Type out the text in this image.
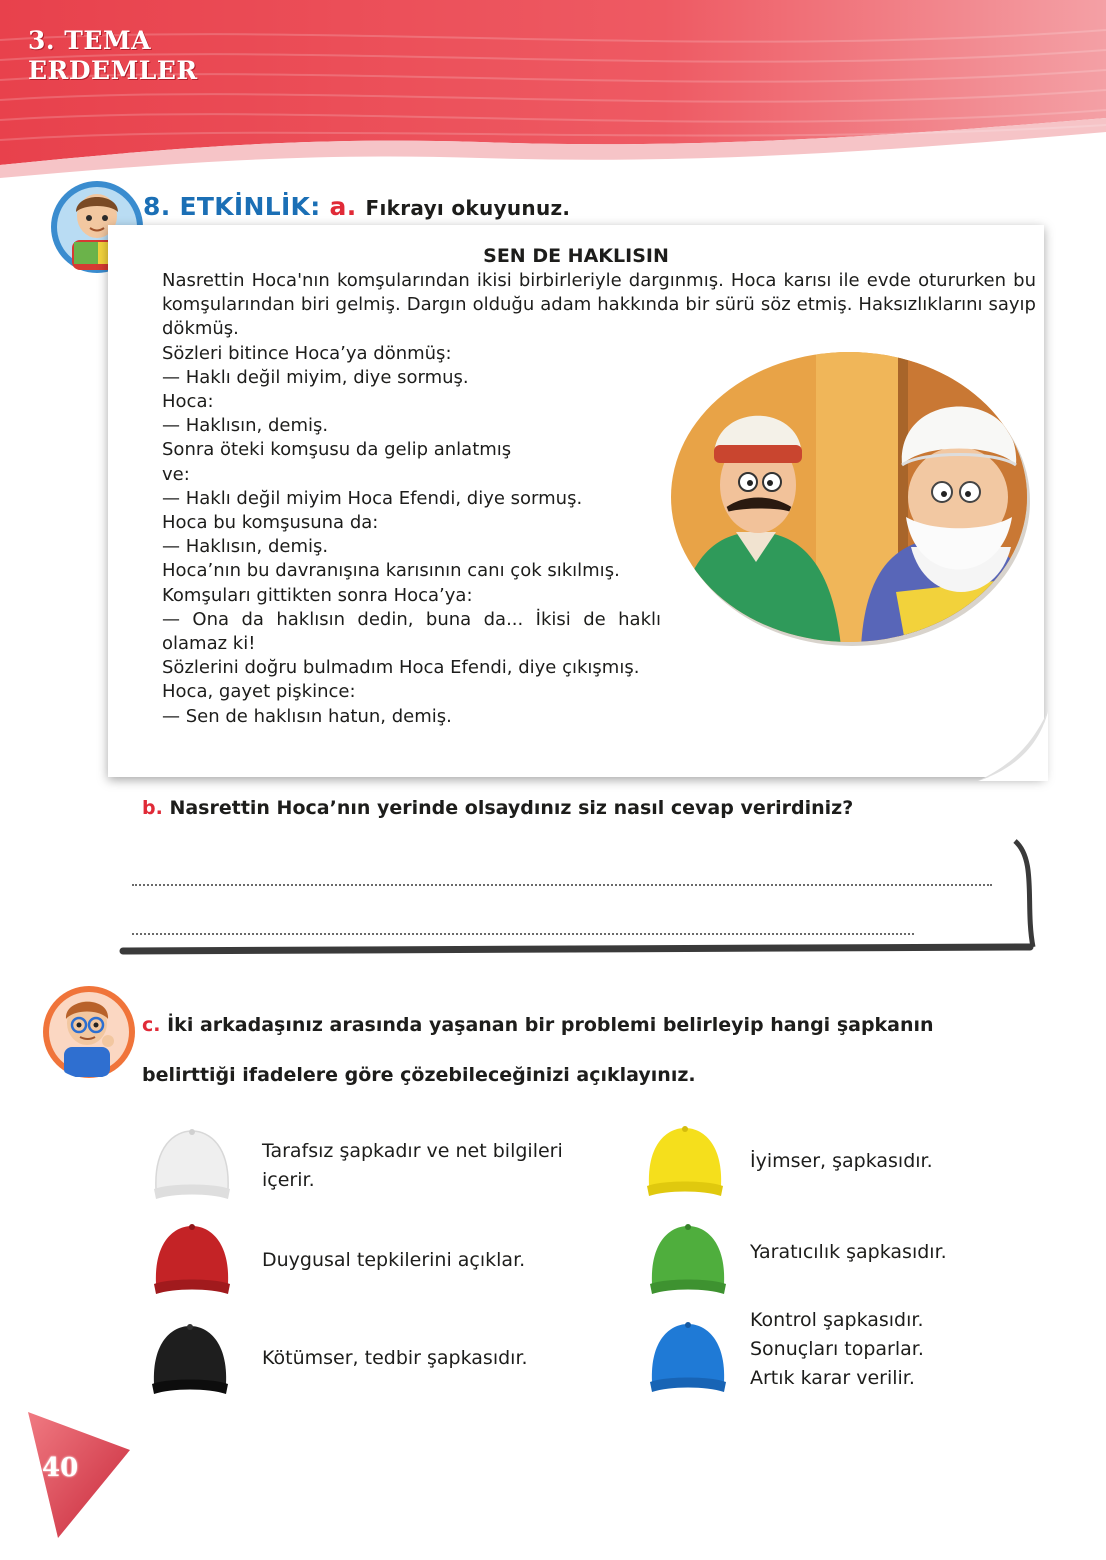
3. TEMA
ERDEMLER
8. ETKİNLİK: a. Fıkrayı okuyunuz.
SEN DE HAKLISIN

Nasrettin Hoca'nın komşularından ikisi birbirleriyle dargınmış. Hoca karısı ile evde otururken bu komşularından biri gelmiş. Dargın olduğu adam hakkında bir sürü söz etmiş. Haksızlıklarını sayıp dökmüş.

Sözleri bitince Hoca’ya dönmüş:

— Haklı değil miyim, diye sormuş.

Hoca:

— Haklısın, demiş.

Sonra öteki komşusu da gelip anlatmış

ve:

— Haklı değil miyim Hoca Efendi, diye sormuş.

Hoca bu komşusuna da:

— Haklısın, demiş.

Hoca’nın bu davranışına karısının canı çok sıkılmış.

Komşuları gittikten sonra Hoca’ya:

— Ona da haklısın dedin, buna da... İkisi de haklı olamaz ki!

Sözlerini doğru bulmadım Hoca Efendi, diye çıkışmış.

Hoca, gayet pişkince:

— Sen de haklısın hatun, demiş.

b. Nasrettin Hoca’nın yerinde olsaydınız siz nasıl cevap verirdiniz?
c. İki arkadaşınız arasında yaşanan bir problemi belirleyip hangi şapkanın
belirttiği ifadelere göre çözebileceğinizi açıklayınız.
Tarafsız şapkadır ve net bilgileri
içerir.
Duygusal tepkilerini açıklar.
Kötümser, tedbir şapkasıdır.
İyimser, şapkasıdır.
Yaratıcılık şapkasıdır.
Kontrol şapkasıdır.
Sonuçları toparlar.
Artık karar verilir.
40
